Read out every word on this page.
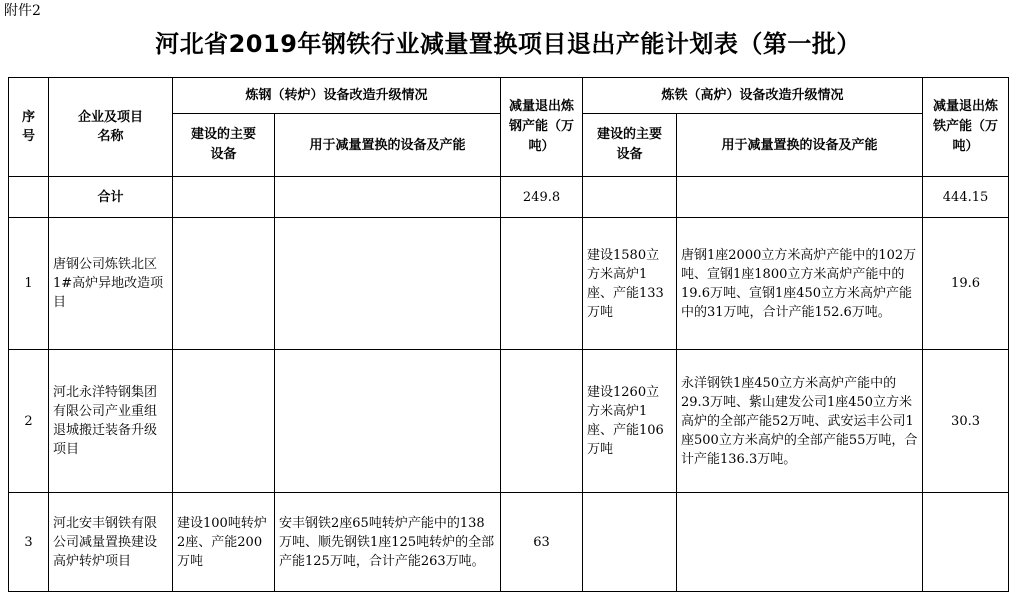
附件2
河北省2019年钢铁行业减量置换项目退出产能计划表（第一批）
序号	企业及项目名称	炼钢（转炉）设备改造升级情况		减量退出炼钢产能（万吨）	炼铁（高炉）设备改造升级情况		减量退出炼铁产能（万吨）
		建设的主要设备	用于减量置换的设备及产能		建设的主要设备	用于减量置换的设备及产能	
	合计			249.8			444.15
1	唐钢公司炼铁北区1#高炉异地改造项目				建设1580立方米高炉1座、产能133万吨	唐钢1座2000立方米高炉产能中的102万吨、宣钢1座1800立方米高炉产能中的19.6万吨、宣钢1座450立方米高炉产能中的31万吨，合计产能152.6万吨。	19.6
2	河北永洋特钢集团有限公司产业重组退城搬迁装备升级项目				建设1260立方米高炉1座、产能106万吨	永洋钢铁1座450立方米高炉产能中的29.3万吨、紫山建发公司1座450立方米高炉的全部产能52万吨、武安运丰公司1座500立方米高炉的全部产能55万吨，合计产能136.3万吨。	30.3
3	河北安丰钢铁有限公司减量置换建设高炉转炉项目	建设100吨转炉2座、产能200万吨	安丰钢铁2座65吨转炉产能中的138万吨、顺先钢铁1座125吨转炉的全部产能125万吨，合计产能263万吨。	63			
